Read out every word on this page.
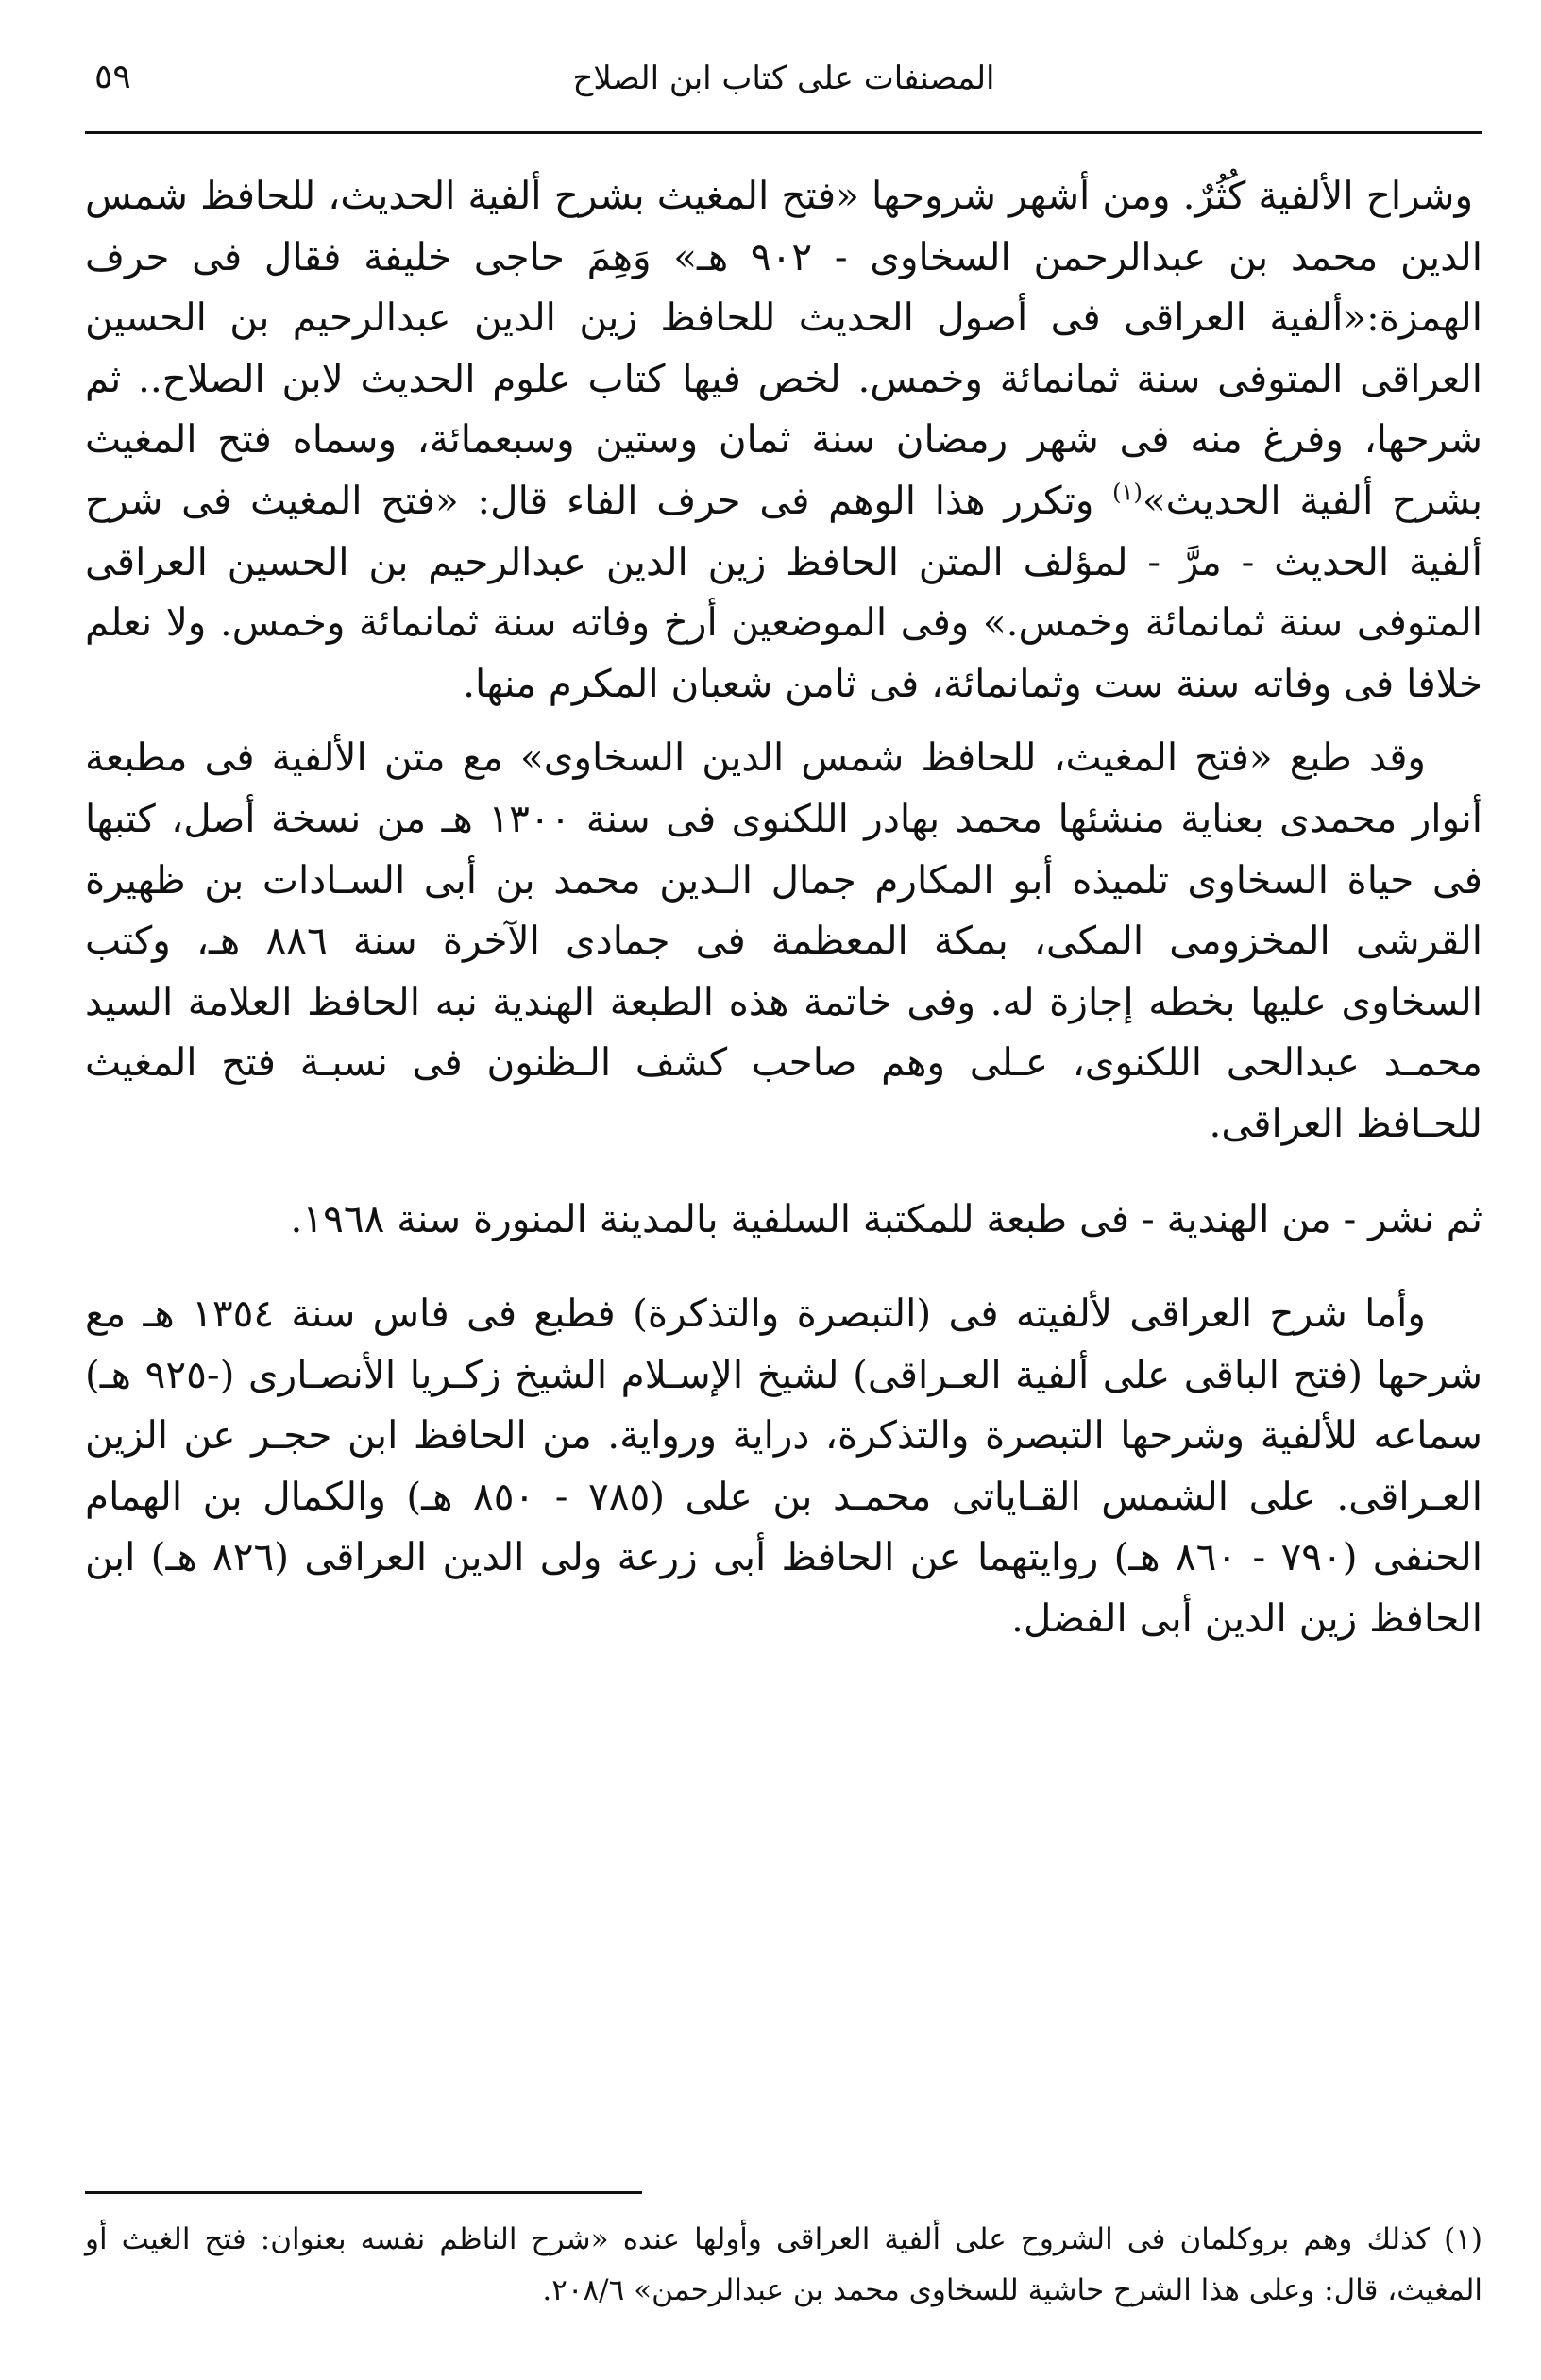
المصنفات على كتاب ابن الصلاح
٥٩

وشراح الألفية كُثُرٌ. ومن أشهر شروحها «فتح المغيث بشرح ألفية الحديث، للحافظ شمس الدين محمد بن عبدالرحمن السخاوى - ٩٠٢ هـ» وَهِمَ حاجى خليفة فقال فى حرف الهمزة:«ألفية العراقى فى أصول الحديث للحافظ زين الدين عبدالرحيم بن الحسين العراقى المتوفى سنة ثمانمائة وخمس. لخص فيها كتاب علوم الحديث لابن الصلاح.. ثم شرحها، وفرغ منه فى شهر رمضان سنة ثمان وستين وسبعمائة، وسماه فتح المغيث بشرح ألفية الحديث»$^{(١)}$ وتكرر هذا الوهم فى حرف الفاء قال: «فتح المغيث فى شرح ألفية الحديث - مرَّ - لمؤلف المتن الحافظ زين الدين عبدالرحيم بن الحسين العراقى المتوفى سنة ثمانمائة وخمس.» وفى الموضعين أرخ وفاته سنة ثمانمائة وخمس. ولا نعلم خلافا فى وفاته سنة ست وثمانمائة، فى ثامن شعبان المكرم منها.

وقد طبع «فتح المغيث، للحافظ شمس الدين السخاوى» مع متن الألفية فى مطبعة أنوار محمدى بعناية منشئها محمد بهادر اللكنوى فى سنة ١٣٠٠ هـ من نسخة أصل، كتبها فى حياة السخاوى تلميذه أبو المكارم جمال الـدين محمد بن أبى السـادات بن ظهيرة القرشى المخزومى المكى، بمكة المعظمة فى جمادى الآخرة سنة ٨٨٦ هـ، وكتب السخاوى عليها بخطه إجازة له. وفى خاتمة هذه الطبعة الهندية نبه الحافظ العلامة السيد محمـد عبدالحى اللكنوى، عـلى وهم صاحب كشف الـظنون فى نسبـة فتح المغيث للحـافظ العراقى.

ثم نشر - من الهندية - فى طبعة للمكتبة السلفية بالمدينة المنورة سنة ١٩٦٨.

وأما شرح العراقى لألفيته فى (التبصرة والتذكرة) فطبع فى فاس سنة ١٣٥٤ هـ مع شرحها (فتح الباقى على ألفية العـراقى) لشيخ الإسـلام الشيخ زكـريا الأنصـارى (-٩٢٥ هـ) سماعه للألفية وشرحها التبصرة والتذكرة، دراية ورواية. من الحافظ ابن حجـر عن الزين العـراقى. على الشمس القـاياتى محمـد بن على (٧٨٥ - ٨٥٠ هـ) والكمال بن الهمام الحنفى (٧٩٠ - ٨٦٠ هـ) روايتهما عن الحافظ أبى زرعة ولى الدين العراقى (٨٢٦ هـ) ابن الحافظ زين الدين أبى الفضل.

(١) كذلك وهم بروكلمان فى الشروح على ألفية العراقى وأولها عنده «شرح الناظم نفسه بعنوان: فتح الغيث أو المغيث، قال: وعلى هذا الشرح حاشية للسخاوى محمد بن عبدالرحمن» ٢٠٨/٦.
